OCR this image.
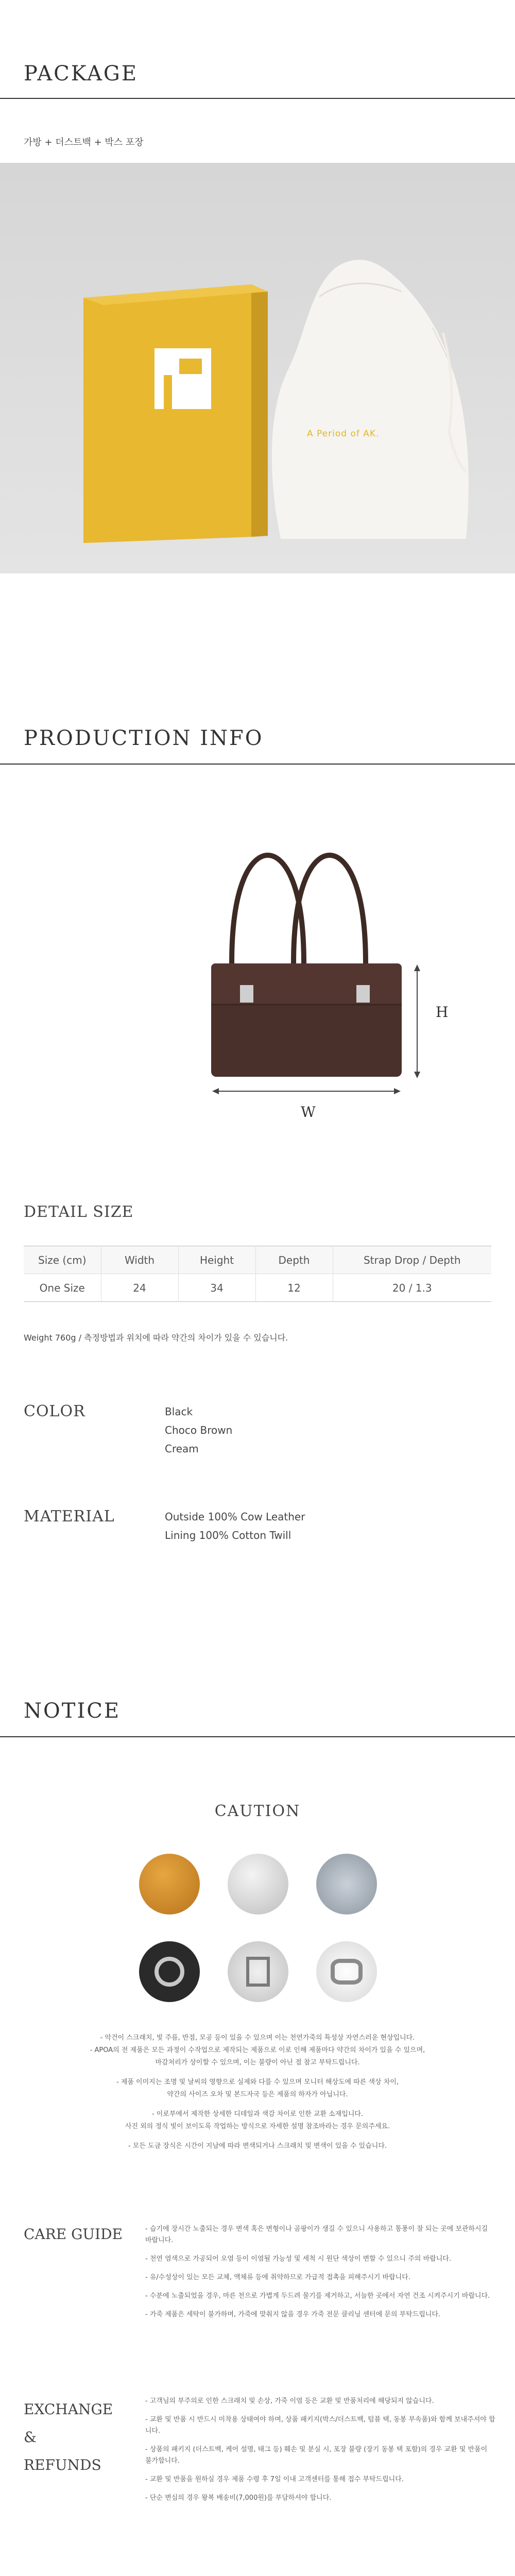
PACKAGE
가방 + 더스트백 + 박스 포장
A Period of AK.
PRODUCTION INFO
H
W
DETAIL SIZE
Size (cm)	Width	Height	Depth	Strap Drop / Depth
One Size	24	34	12	20 / 1.3
Weight 760g / 측정방법과 위치에 따라 약간의 차이가 있을 수 있습니다.
COLOR	Black
Choco Brown
Cream
MATERIAL	Outside 100% Cow Leather
Lining 100% Cotton Twill
NOTICE
CAUTION
- 악건이 스크래치, 빛 주름, 반점, 모공 등이 있을 수 있으며 이는 천연가죽의 특성상 자연스러운 현상입니다.
- APOA의 전 제품은 모든 과정이 수작업으로 제작되는 제품으로 이로 인해 제품마다 약간의 차이가 있을 수 있으며,
마감처리가 상이할 수 있으며, 이는 불량이 아닌 점 참고 부탁드립니다.
- 제품 이미지는 조명 및 날씨의 영향으로 실제와 다를 수 있으며 모니터 해상도에 따른 색상 차이,
약간의 사이즈 오차 및 본드자국 등은 제품의 하자가 아닙니다.
- 이로부에서 제작한 상세한 디테일과 색감 차이로 인한 교환 소재입니다.
사진 외의 정식 빛이 보이도록 작업하는 방식으로 자세한 설명 참조바라는 경우 문의주세요.
- 모든 도금 장식은 시간이 지남에 따라 변색되거나 스크래치 및 변색이 있을 수 있습니다.
CARE GUIDE	- 습기에 장시간 노출되는 경우 변색 혹은 변형이나 곰팡이가 생길 수 있으니 사용하고 통풍이 잘 되는 곳에 보관하시길 바랍니다.

- 천연 염색으로 가공되어 오염 등이 이염될 가능성 및 세척 시 원단 색상이 변할 수 있으니 주의 바랍니다.

- 유/수성상이 있는 모든 교체, 액체류 등에 취약하므로 가급적 접촉을 피해주시기 바랍니다.

- 수분에 노출되었을 경우, 마른 천으로 가볍게 두드려 물기를 제거하고, 서늘한 곳에서 자연 건조 시켜주시기 바랍니다.

- 가죽 제품은 세탁이 불가하며, 가죽에 맞춰지 않을 경우 가죽 전문 클리닝 센터에 문의 부탁드립니다.

EXCHANGE
&
REFUNDS

- 고객님의 부주의로 인한 스크래치 및 손상, 가죽 이염 등은 교환 및 반품처리에 해당되지 않습니다.

- 교환 및 반품 시 반드시 미착용 상태여야 하며, 상품 패키지(박스/더스트백, 텀블 택, 동봉 부속품)와 함께 보내주셔야 합니다.

- 상품의 패키지 (더스트백, 케어 설명, 태그 등) 훼손 및 분실 시, 포장 불량 (장기 동봉 택 포함)의 경우 교환 및 반품이 불가합니다.

- 교환 및 반품을 원하실 경우 제품 수령 후 7일 이내 고객센터를 통해 접수 부탁드립니다.

- 단순 변심의 경우 왕복 배송비(7,000원)를 부담하셔야 합니다.
